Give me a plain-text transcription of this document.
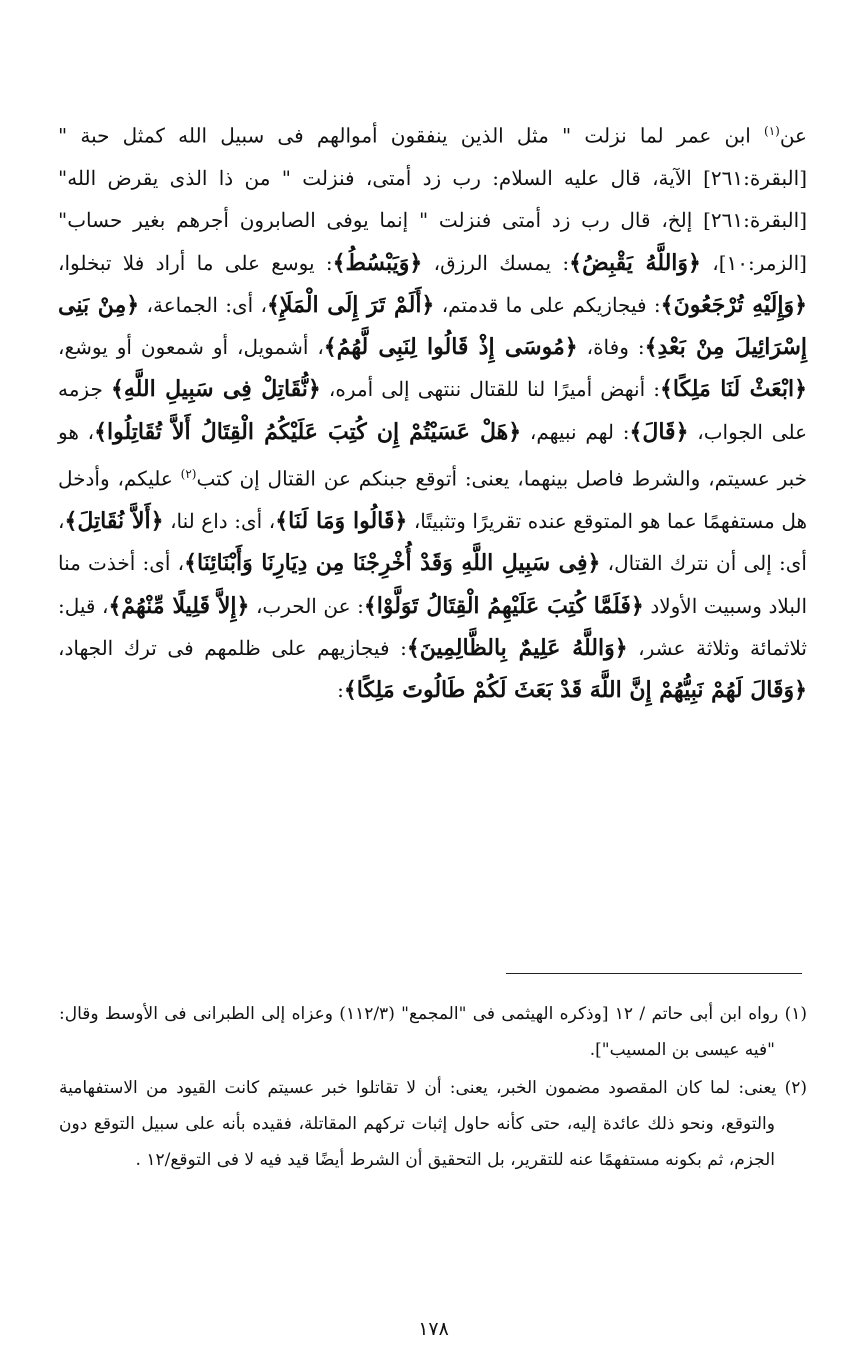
عن$^{(١)}$ ابن عمر لما نزلت " مثل الذين ينفقون أموالهم فى سبيل الله كمثل حبة "[البقرة:٢٦١] الآية، قال عليه السلام: رب زد أمتى، فنزلت " من ذا الذى يقرض الله"[البقرة:٢٦١] إلخ، قال رب زد أمتى فنزلت " إنما يوفى الصابرون أجرهم بغير حساب"[الزمر:١٠]، ﴿وَاللَّهُ يَقْبِضُ﴾: يمسك الرزق، ﴿وَيَبْسُطُ﴾: يوسع على ما أراد فلا تبخلوا، ﴿وَإِلَيْهِ تُرْجَعُونَ﴾: فيجازيكم على ما قدمتم، ﴿أَلَمْ تَرَ إِلَى الْمَلَإِ﴾، أى: الجماعة، ﴿مِنْ بَنِى إِسْرَائِيلَ مِنْ بَعْدِ﴾: وفاة، ﴿مُوسَى إِذْ قَالُوا لِنَبِى لَّهُمُ﴾، أشمويل، أو شمعون أو يوشع، ﴿ابْعَثْ لَنَا مَلِكًا﴾: أنهض أميرًا لنا للقتال ننتهى إلى أمره، ﴿نُّقَاتِلْ فِى سَبِيلِ اللَّهِ﴾ جزمه على الجواب، ﴿قَالَ﴾: لهم نبيهم، ﴿هَلْ عَسَيْتُمْ إِن كُتِبَ عَلَيْكُمُ الْقِتَالُ أَلاَّ تُقَاتِلُوا﴾، هو خبر عسيتم، والشرط فاصل بينهما، يعنى: أتوقع جبنكم عن القتال إن كتب$^{(٢)}$ عليكم، وأدخل هل مستفهمًا عما هو المتوقع عنده تقريرًا وتثبيتًا، ﴿قَالُوا وَمَا لَنَا﴾، أى: داع لنا، ﴿أَلاَّ نُقَاتِلَ﴾، أى: إلى أن نترك القتال، ﴿فِى سَبِيلِ اللَّهِ وَقَدْ أُخْرِجْنَا مِن دِيَارِنَا وَأَبْنَائِنَا﴾، أى: أخذت منا البلاد وسبيت الأولاد ﴿فَلَمَّا كُتِبَ عَلَيْهِمُ الْقِتَالُ تَوَلَّوْا﴾: عن الحرب، ﴿إِلاَّ قَلِيلًا مِّنْهُمْ﴾، قيل: ثلاثمائة وثلاثة عشر، ﴿وَاللَّهُ عَلِيمٌ بِالظَّالِمِينَ﴾: فيجازيهم على ظلمهم فى ترك الجهاد، ﴿وَقَالَ لَهُمْ نَبِيُّهُمْ إِنَّ اللَّهَ قَدْ بَعَثَ لَكُمْ طَالُوتَ مَلِكًا﴾:

(١) رواه ابن أبى حاتم / ١٢ [وذكره الهيثمى فى "المجمع" (١١٢/٣) وعزاه إلى الطبرانى فى الأوسط وقال: "فيه عيسى بن المسيب"].

(٢) يعنى: لما كان المقصود مضمون الخبر، يعنى: أن لا تقاتلوا خبر عسيتم كانت القيود من الاستفهامية والتوقع، ونحو ذلك عائدة إليه، حتى كأنه حاول إثبات تركهم المقاتلة، فقيده بأنه على سبيل التوقع دون الجزم، ثم بكونه مستفهمًا عنه للتقرير، بل التحقيق أن الشرط أيضًا قيد فيه لا فى التوقع/١٢ .

١٧٨
